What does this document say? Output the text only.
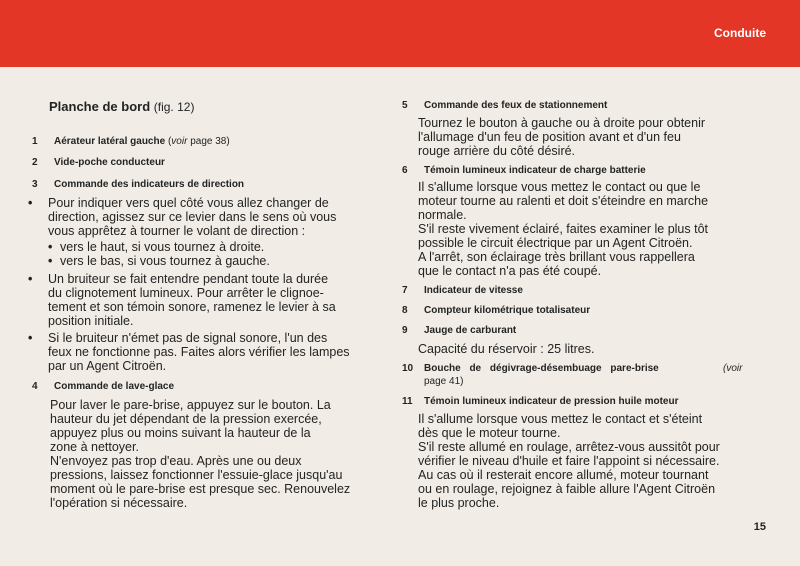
Conduite
Planche de bord (fig. 12)
1	Aérateur latéral gauche (voir page 38)
2	Vide-poche conducteur
3	Commande des indicateurs de direction
• Pour indiquer vers quel côté vous allez changer de
direction, agissez sur ce levier dans le sens où vous
vous apprêtez à tourner le volant de direction :
• vers le haut, si vous tournez à droite.
• vers le bas, si vous tournez à gauche.
• Un bruiteur se fait entendre pendant toute la durée
du clignotement lumineux. Pour arrêter le clignoe-
tement et son témoin sonore, ramenez le levier à sa
position initiale.
• Si le bruiteur n'émet pas de signal sonore, l'un des
feux ne fonctionne pas. Faites alors vérifier les lampes
par un Agent Citroën.
4	Commande de lave-glace
Pour laver le pare-brise, appuyez sur le bouton. La
hauteur du jet dépendant de la pression exercée,
appuyez plus ou moins suivant la hauteur de la
zone à nettoyer.
N'envoyez pas trop d'eau. Après une ou deux
pressions, laissez fonctionner l'essuie-glace jusqu'au
moment où le pare-brise est presque sec. Renouvelez
l'opération si nécessaire.
5	Commande des feux de stationnement
Tournez le bouton à gauche ou à droite pour obtenir
l'allumage d'un feu de position avant et d'un feu
rouge arrière du côté désiré.
6	Témoin lumineux indicateur de charge batterie
Il s'allume lorsque vous mettez le contact ou que le
moteur tourne au ralenti et doit s'éteindre en marche
normale.
S'il reste vivement éclairé, faites examiner le plus tôt
possible le circuit électrique par un Agent Citroën.
A l'arrêt, son éclairage très brillant vous rappellera
que le contact n'a pas été coupé.
7	Indicateur de vitesse
8	Compteur kilométrique totalisateur
9	Jauge de carburant
Capacité du réservoir : 25 litres.
10	Bouche de dégivrage-désembuage pare-brise	(voir
page 41)
11	Témoin lumineux indicateur de pression huile moteur
Il s'allume lorsque vous mettez le contact et s'éteint
dès que le moteur tourne.
S'il reste allumé en roulage, arrêtez-vous aussitôt pour
vérifier le niveau d'huile et faire l'appoint si nécessaire.
Au cas où il resterait encore allumé, moteur tournant
ou en roulage, rejoignez à faible allure l'Agent Citroën
le plus proche.
15
